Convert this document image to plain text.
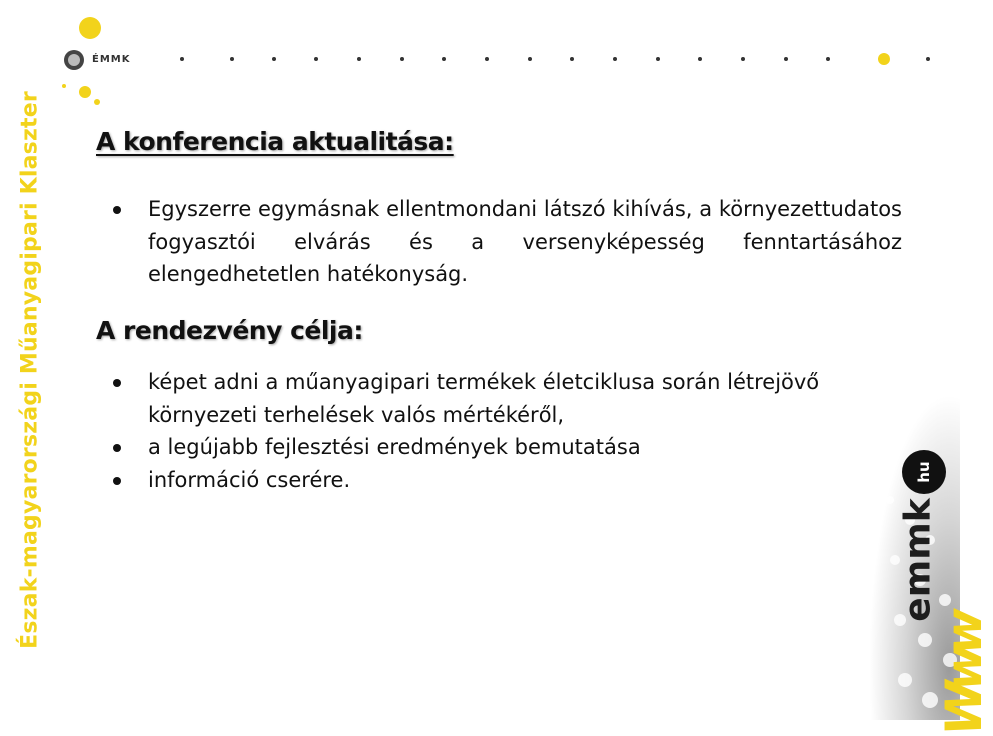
Észak-magyarországi Műanyagipari Klaszter
ÉMMK
hu
emmk
Www
A konferencia aktualitása:
Egyszerre egymásnak ellentmondani látszó kihívás, a környezettudatos fogyasztói elvárás és a versenyképesség fenntartásához elengedhetetlen hatékonyság.
A rendezvény célja:
képet adni a műanyagipari termékek életciklusa során létrejövő környezeti terhelések valós mértékéről,
a legújabb fejlesztési eredmények bemutatása
információ cserére.
